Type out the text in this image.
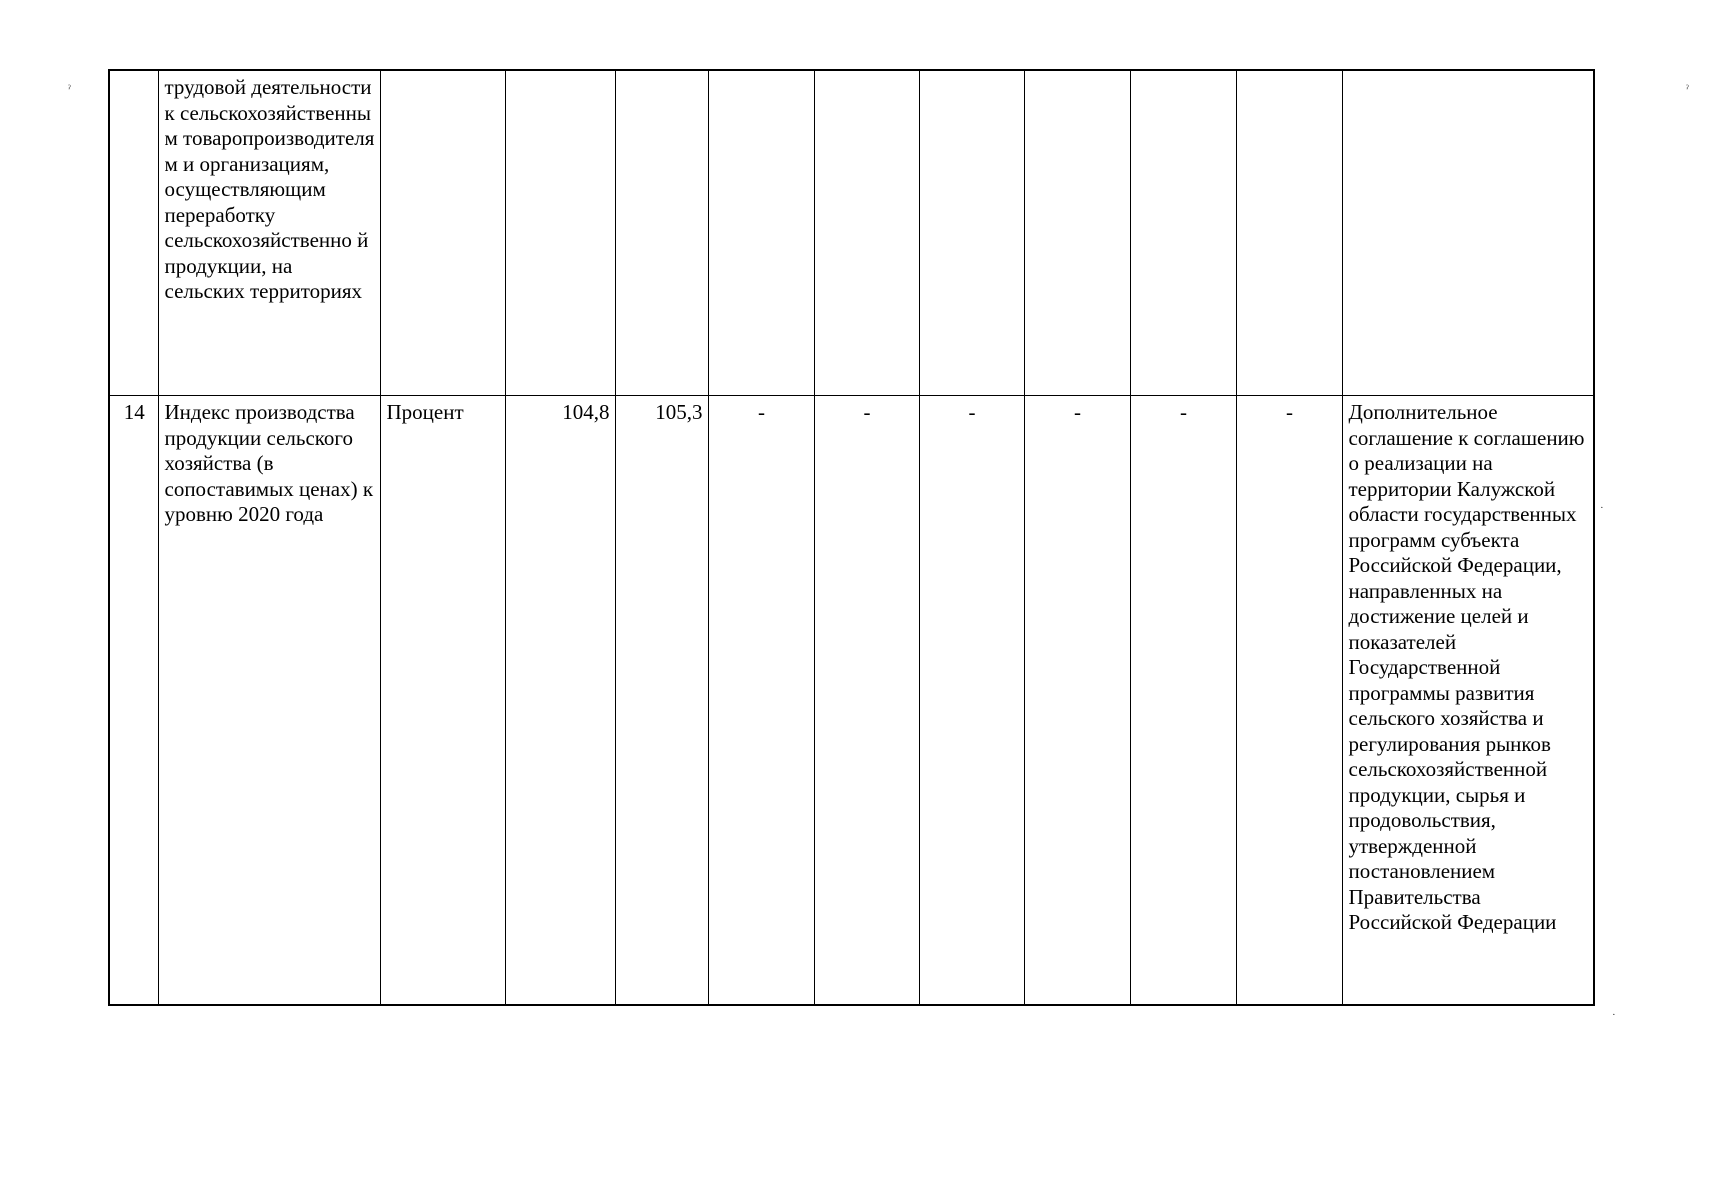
	трудовой деятельности к сельскохозяйственны м товаропроизводителя м и организациям, осуществляющим переработку сельскохозяйственно й продукции, на сельских территориях										

14	Индекс производства продукции сельского хозяйства (в сопоставимых ценах) к уровню 2020 года	Процент	104,8	105,3	-	-	-	-	-	-	Дополнительное соглашение к соглашению о реализации на территории Калужской области государственных программ субъекта Российской Федерации, направленных на достижение целей и показателей Государственной программы развития сельского хозяйства и регулирования рынков сельскохозяйственной продукции, сырья и продовольствия, утвержденной постановлением Правительства Российской Федерации
ˀ	ˀ
·
·
